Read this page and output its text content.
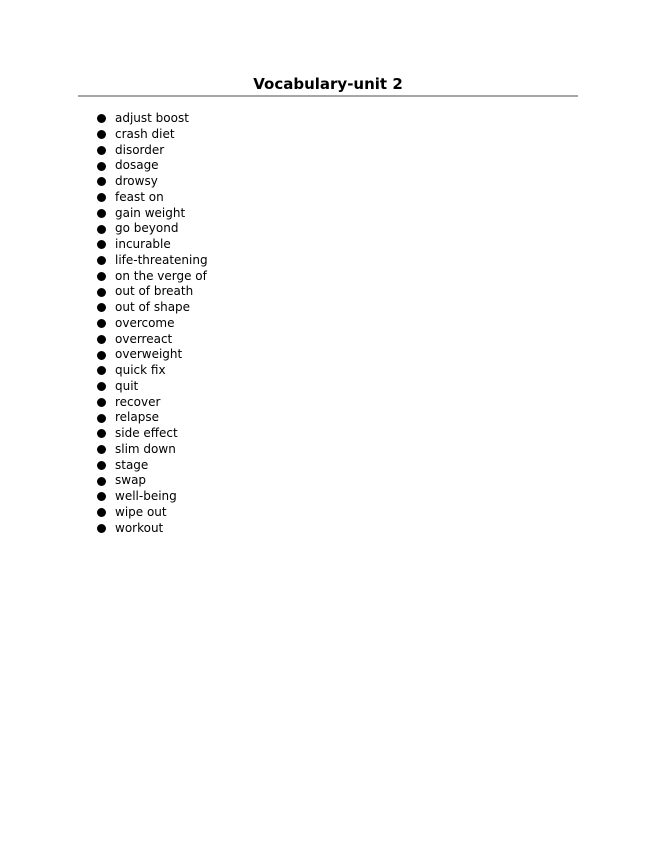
Vocabulary-unit 2
adjust boost
crash diet
disorder
dosage
drowsy
feast on
gain weight
go beyond
incurable
life-threatening
on the verge of
out of breath
out of shape
overcome
overreact
overweight
quick fix
quit
recover
relapse
side effect
slim down
stage
swap
well-being
wipe out
workout
